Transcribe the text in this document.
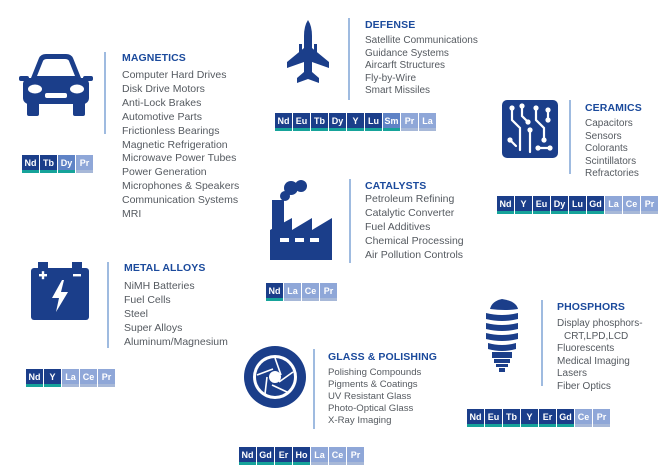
MAGNETICS
Computer Hard Drives
Disk Drive Motors
Anti-Lock Brakes
Automotive Parts
Frictionless Bearings
Magnetic Refrigeration
Microwave Power Tubes
Power Generation
Microphones & Speakers
Communication Systems
MRI
Nd Tb Dy Pr
DEFENSE
Satellite Communications
Guidance Systems
Aircarft Structures
Fly-by-Wire
Smart Missiles
Nd Eu Tb Dy	Y	Lu Sm Pr La
CERAMICS
Capacitors
Sensors
Colorants
Scintillators
Refractories
Nd Y	Eu Dy Lu Gd La Ce Pr
CATALYSTS
Petroleum Refining
Catalytic Converter
Fuel Additives
Chemical Processing
Air Pollution Controls
Nd La Ce Pr
METAL ALLOYS
NiMH Batteries
Fuel Cells
Steel
Super Alloys
Aluminum/Magnesium
Nd Y	La Ce Pr
PHOSPHORS
Display phosphors-
CRT,LPD,LCD
Fluorescents
Medical Imaging
Lasers
Fiber Optics
Nd Eu Tb	Y	Er Gd Ce Pr
GLASS & POLISHING
Polishing Compounds
Pigments & Coatings
UV Resistant Glass
Photo-Optical Glass
X-Ray Imaging
Nd Gd Er Ho La Ce Pr
